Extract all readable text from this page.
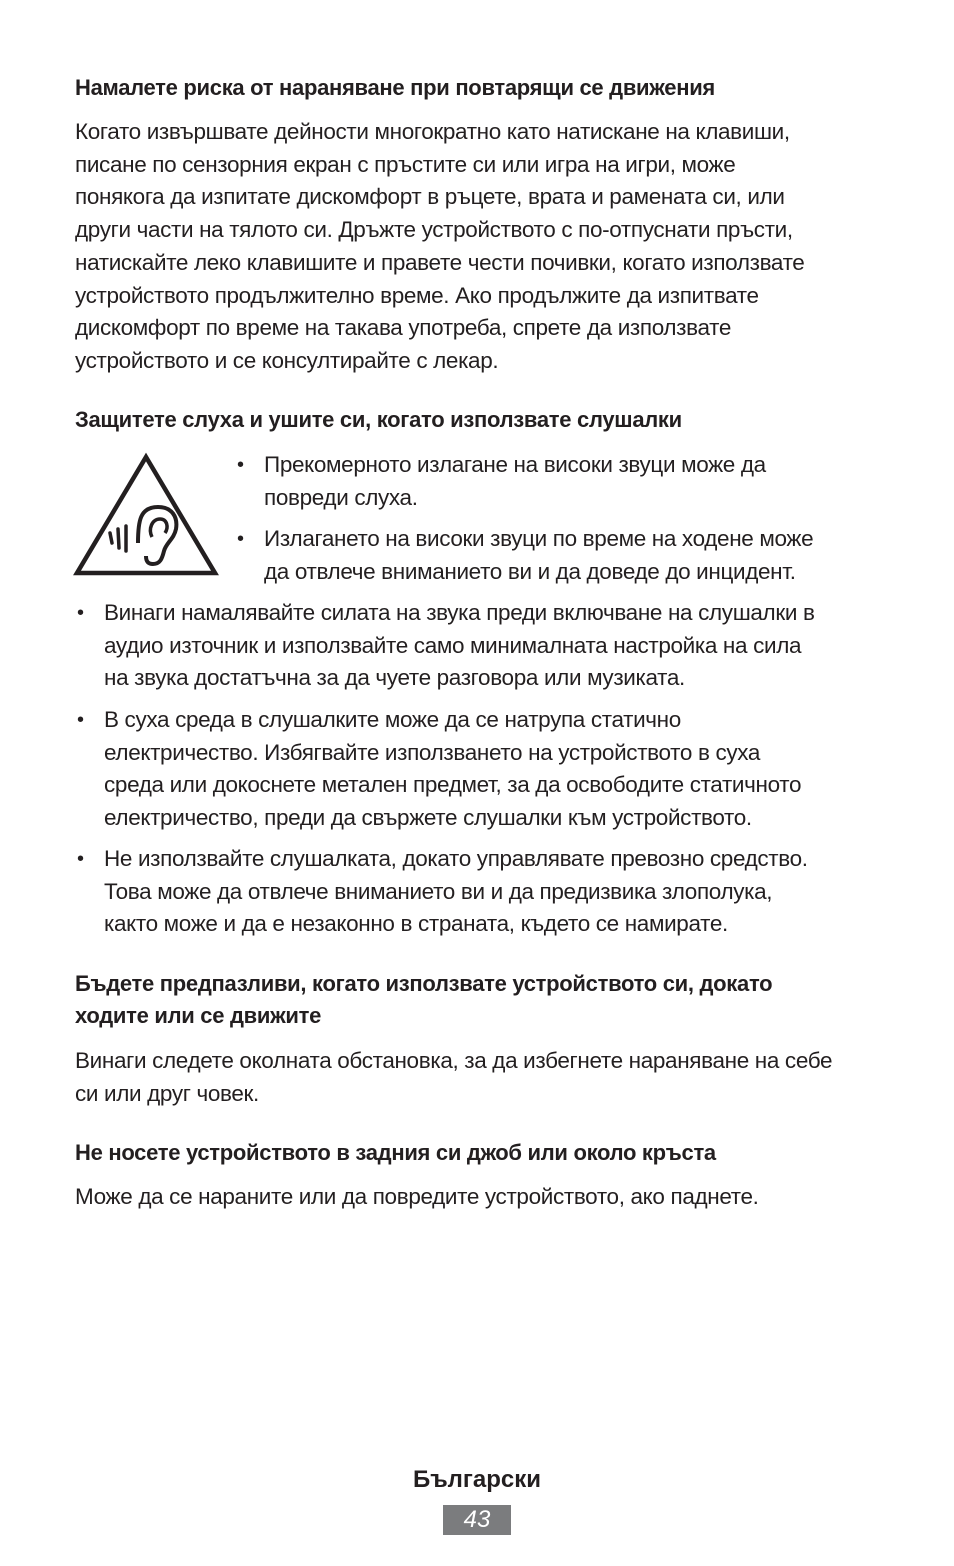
Намалете риска от нараняване при повтарящи се движения
Когато извършвате дейности многократно като натискане на клавиши,
писане по сензорния екран с пръстите си или игра на игри, може
понякога да изпитате дискомфорт в ръцете, врата и рамената си, или
други части на тялото си. Дръжте устройството с по-отпуснати пръсти,
натискайте леко клавишите и правете чести почивки, когато използвате
устройството продължително време. Ако продължите да изпитвате
дискомфорт по време на такава употреба, спрете да използвате
устройството и се консултирайте с лекар.
Защитете слуха и ушите си, когато използвате слушалки
• Прекомерното излагане на високи звуци може да
повреди слуха.
• Излагането на високи звуци по време на ходене може
да отвлече вниманието ви и да доведе до инцидент.
• Винаги намалявайте силата на звука преди включване на слушалки в
аудио източник и използвайте само минималната настройка на сила
на звука достатъчна за да чуете разговора или музиката.
• В суха среда в слушалките може да се натрупа статично
електричество. Избягвайте използването на устройството в суха
среда или докоснете метален предмет, за да освободите статичното
електричество, преди да свържете слушалки към устройството.
• Не използвайте слушалката, докато управлявате превозно средство.
Това може да отвлече вниманието ви и да предизвика злополука,
както може и да е незаконно в страната, където се намирате.
Бъдете предпазливи, когато използвате устройството си, докато
ходите или се движите
Винаги следете околната обстановка, за да избегнете нараняване на себе
си или друг човек.
Не носете устройството в задния си джоб или около кръста
Може да се нараните или да повредите устройството, ако паднете.
Български
43
